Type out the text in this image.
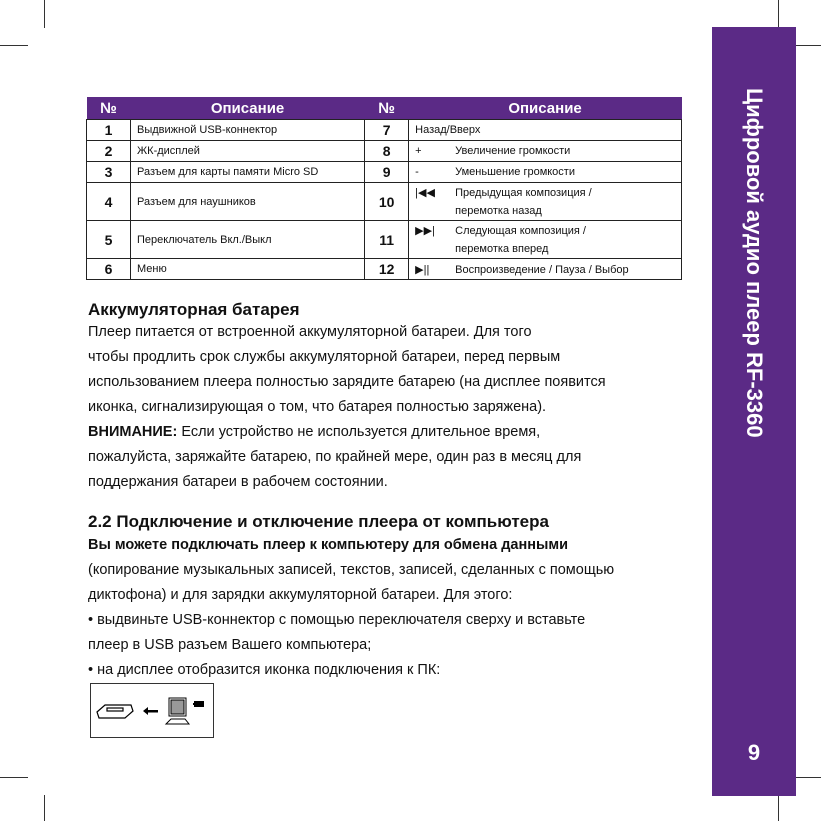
Цифровой аудио плеер RF-3360
9
№	Описание	№	Описание
1	Выдвижной USB-коннектор	7	Назад/Вверх
2	ЖК-дисплей	8	+ Увеличение громкости
3	Разъем для карты памяти Micro SD	9	- Уменьшение громкости
4	Разъем для наушников	10	|◀◀ Предыдущая композиция /
перемотка назад
5	Переключатель Вкл./Выкл	11	▶▶| Следующая композиция /
перемотка вперед
6	Меню	12	▶|| Воспроизведение / Пауза / Выбор
Аккумуляторная батарея
Плеер питается от встроенной аккумуляторной батареи. Для того
чтобы продлить срок службы аккумуляторной батареи, перед первым
использованием плеера полностью зарядите батарею (на дисплее появится
иконка, сигнализирующая о том, что батарея полностью заряжена).
ВНИМАНИЕ: Если устройство не используется длительное время,
пожалуйста, заряжайте батарею, по крайней мере, один раз в месяц для
поддержания батареи в рабочем состоянии.
2.2 Подключение и отключение плеера от компьютера
Вы можете подключать плеер к компьютеру для обмена данными
(копирование музыкальных записей, текстов, записей, сделанных с помощью
диктофона) и для зарядки аккумуляторной батареи. Для этого:
• выдвиньте USB-коннектор с помощью переключателя сверху и вставьте
плеер в USB разъем Вашего компьютера;
• на дисплее отобразится иконка подключения к ПК:
